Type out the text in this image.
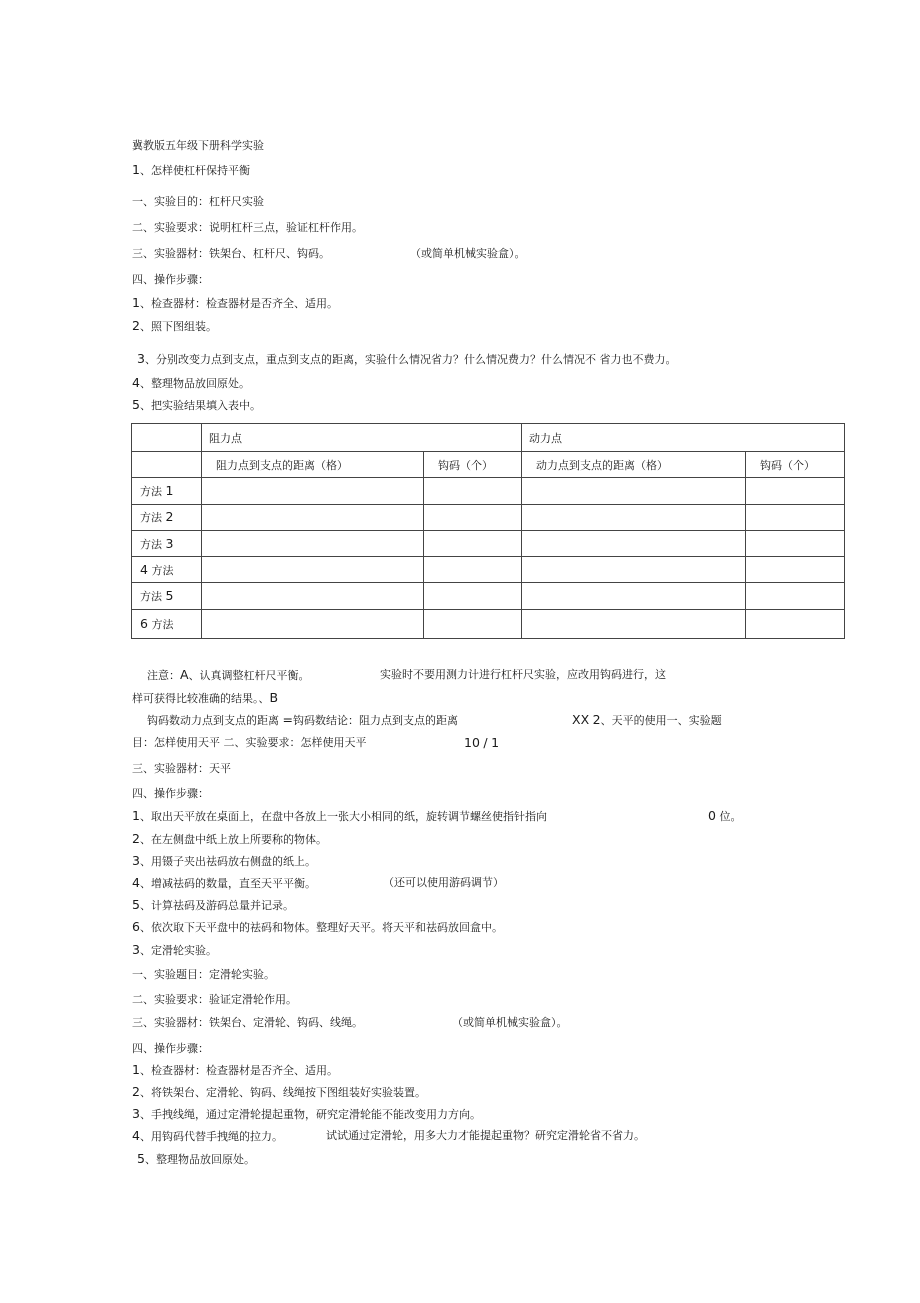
冀教版五年级下册科学实验
1、怎样使杠杆保持平衡
一、实验目的：杠杆尺实验
二、实验要求：说明杠杆三点，验证杠杆作用。
三、实验器材：铁架台、杠杆尺、钩码。	（或简单机械实验盒）。
四、操作步骤：
1、检查器材：检查器材是否齐全、适用。
2、照下图组装。
3、分别改变力点到支点，重点到支点的距离，实验什么情况省力？什么情况费力？什么情况不 省力也不费力。
4、整理物品放回原处。
5、把实验结果填入表中。
	阻力点		动力点	
	阻力点到支点的距离（格）	钩码（个）	动力点到支点的距离（格）	钩码（个）
方法 1				
方法 2				
方法 3				
4 方法				
方法 5				
6 方法				
注意：A、认真调整杠杆尺平衡。	实验时不要用测力计进行杠杆尺实验，应改用钩码进行，这
样可获得比较准确的结果。、B
钩码数动力点到支点的距离 =钩码数结论：阻力点到支点的距离	XX 2、天平的使用一、实验题
目：怎样使用天平 二、实验要求：怎样使用天平	10 / 1
三、实验器材：天平
四、操作步骤：
1、取出天平放在桌面上，在盘中各放上一张大小相同的纸，旋转调节螺丝使指针指向	0 位。
2、在左侧盘中纸上放上所要称的物体。
3、用镊子夹出祛码放右侧盘的纸上。
4、增减祛码的数量，直至天平平衡。	（还可以使用游码调节）
5、计算祛码及游码总量并记录。
6、依次取下天平盘中的祛码和物体。整理好天平。将天平和祛码放回盒中。
3、定滑轮实验。
一、实验题目：定滑轮实验。
二、实验要求：验证定滑轮作用。
三、实验器材：铁架台、定滑轮、钩码、线绳。	（或简单机械实验盒）。
四、操作步骤：
1、检查器材：检查器材是否齐全、适用。
2、将铁架台、定滑轮、钩码、线绳按下图组装好实验装置。
3、手拽线绳，通过定滑轮提起重物，研究定滑轮能不能改变用力方向。
4、用钩码代替手拽绳的拉力。	试试通过定滑轮，用多大力才能提起重物？研究定滑轮省不省力。
5、整理物品放回原处。
